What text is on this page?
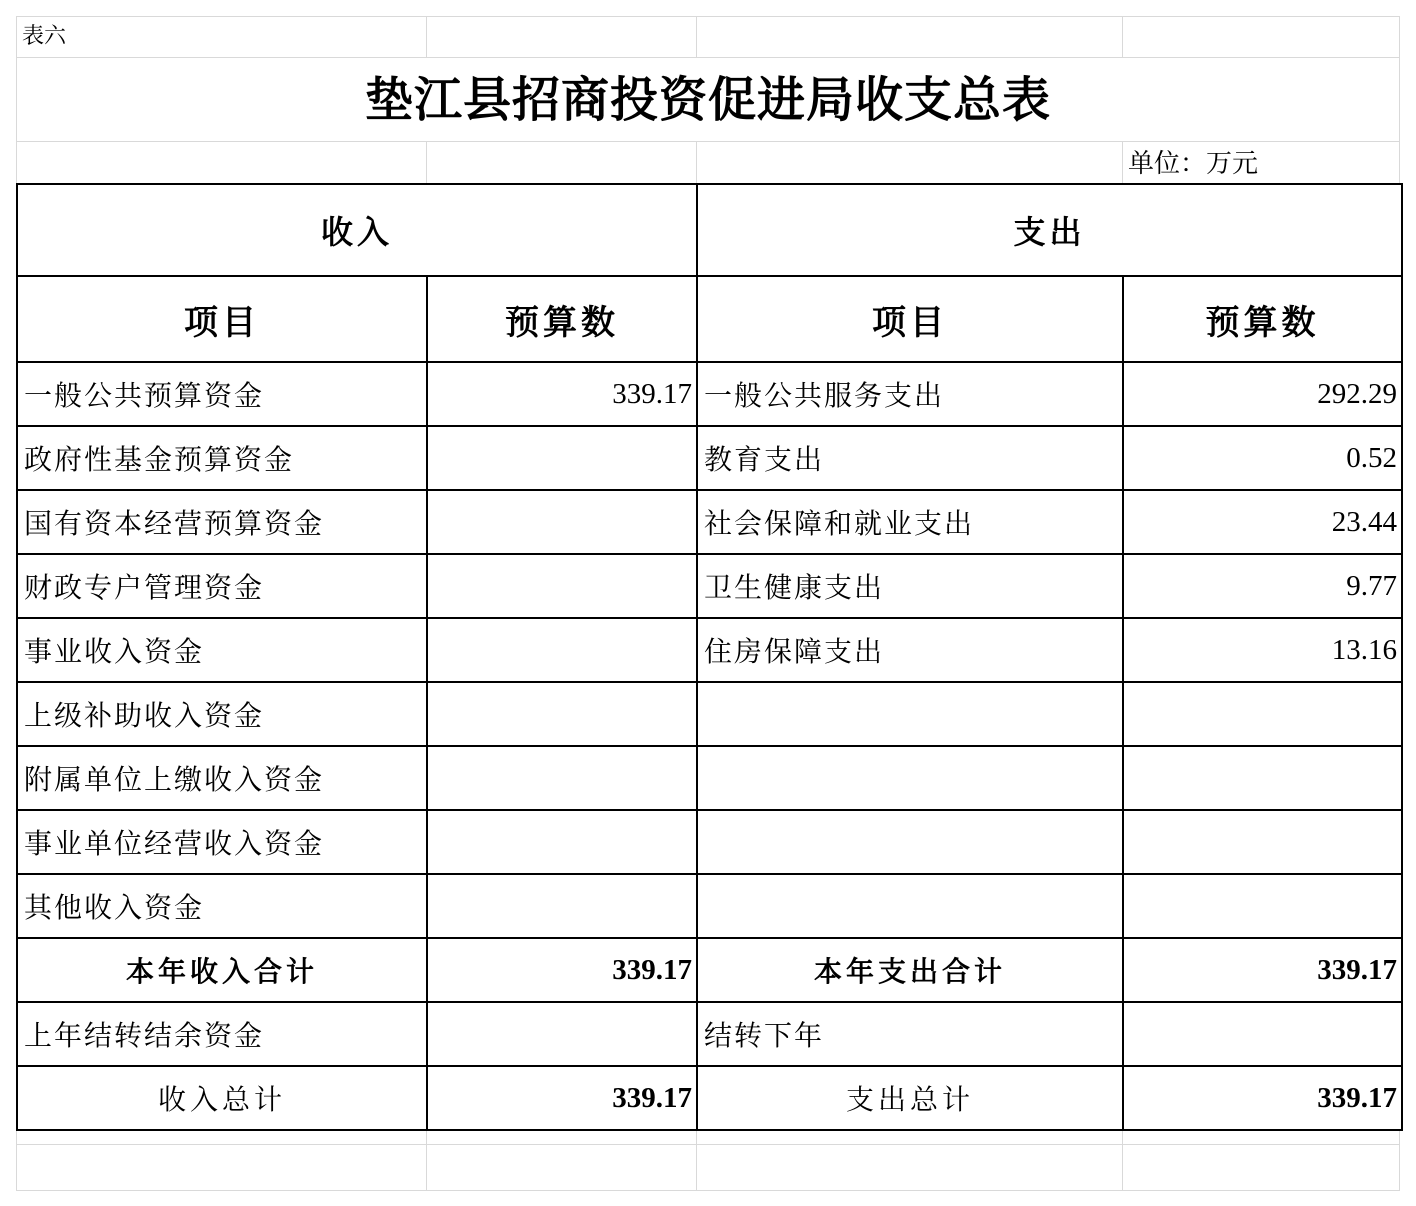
表六
垫江县招商投资促进局收支总表
单位：万元
收入		支出	
项目	预算数	项目	预算数
一般公共预算资金	339.17	一般公共服务支出	292.29
政府性基金预算资金		教育支出	0.52
国有资本经营预算资金		社会保障和就业支出	23.44
财政专户管理资金		卫生健康支出	9.77
事业收入资金		住房保障支出	13.16
上级补助收入资金			
附属单位上缴收入资金			
事业单位经营收入资金			
其他收入资金			
本年收入合计	339.17	本年支出合计	339.17
上年结转结余资金		结转下年	
收入总计	339.17	支出总计	339.17
